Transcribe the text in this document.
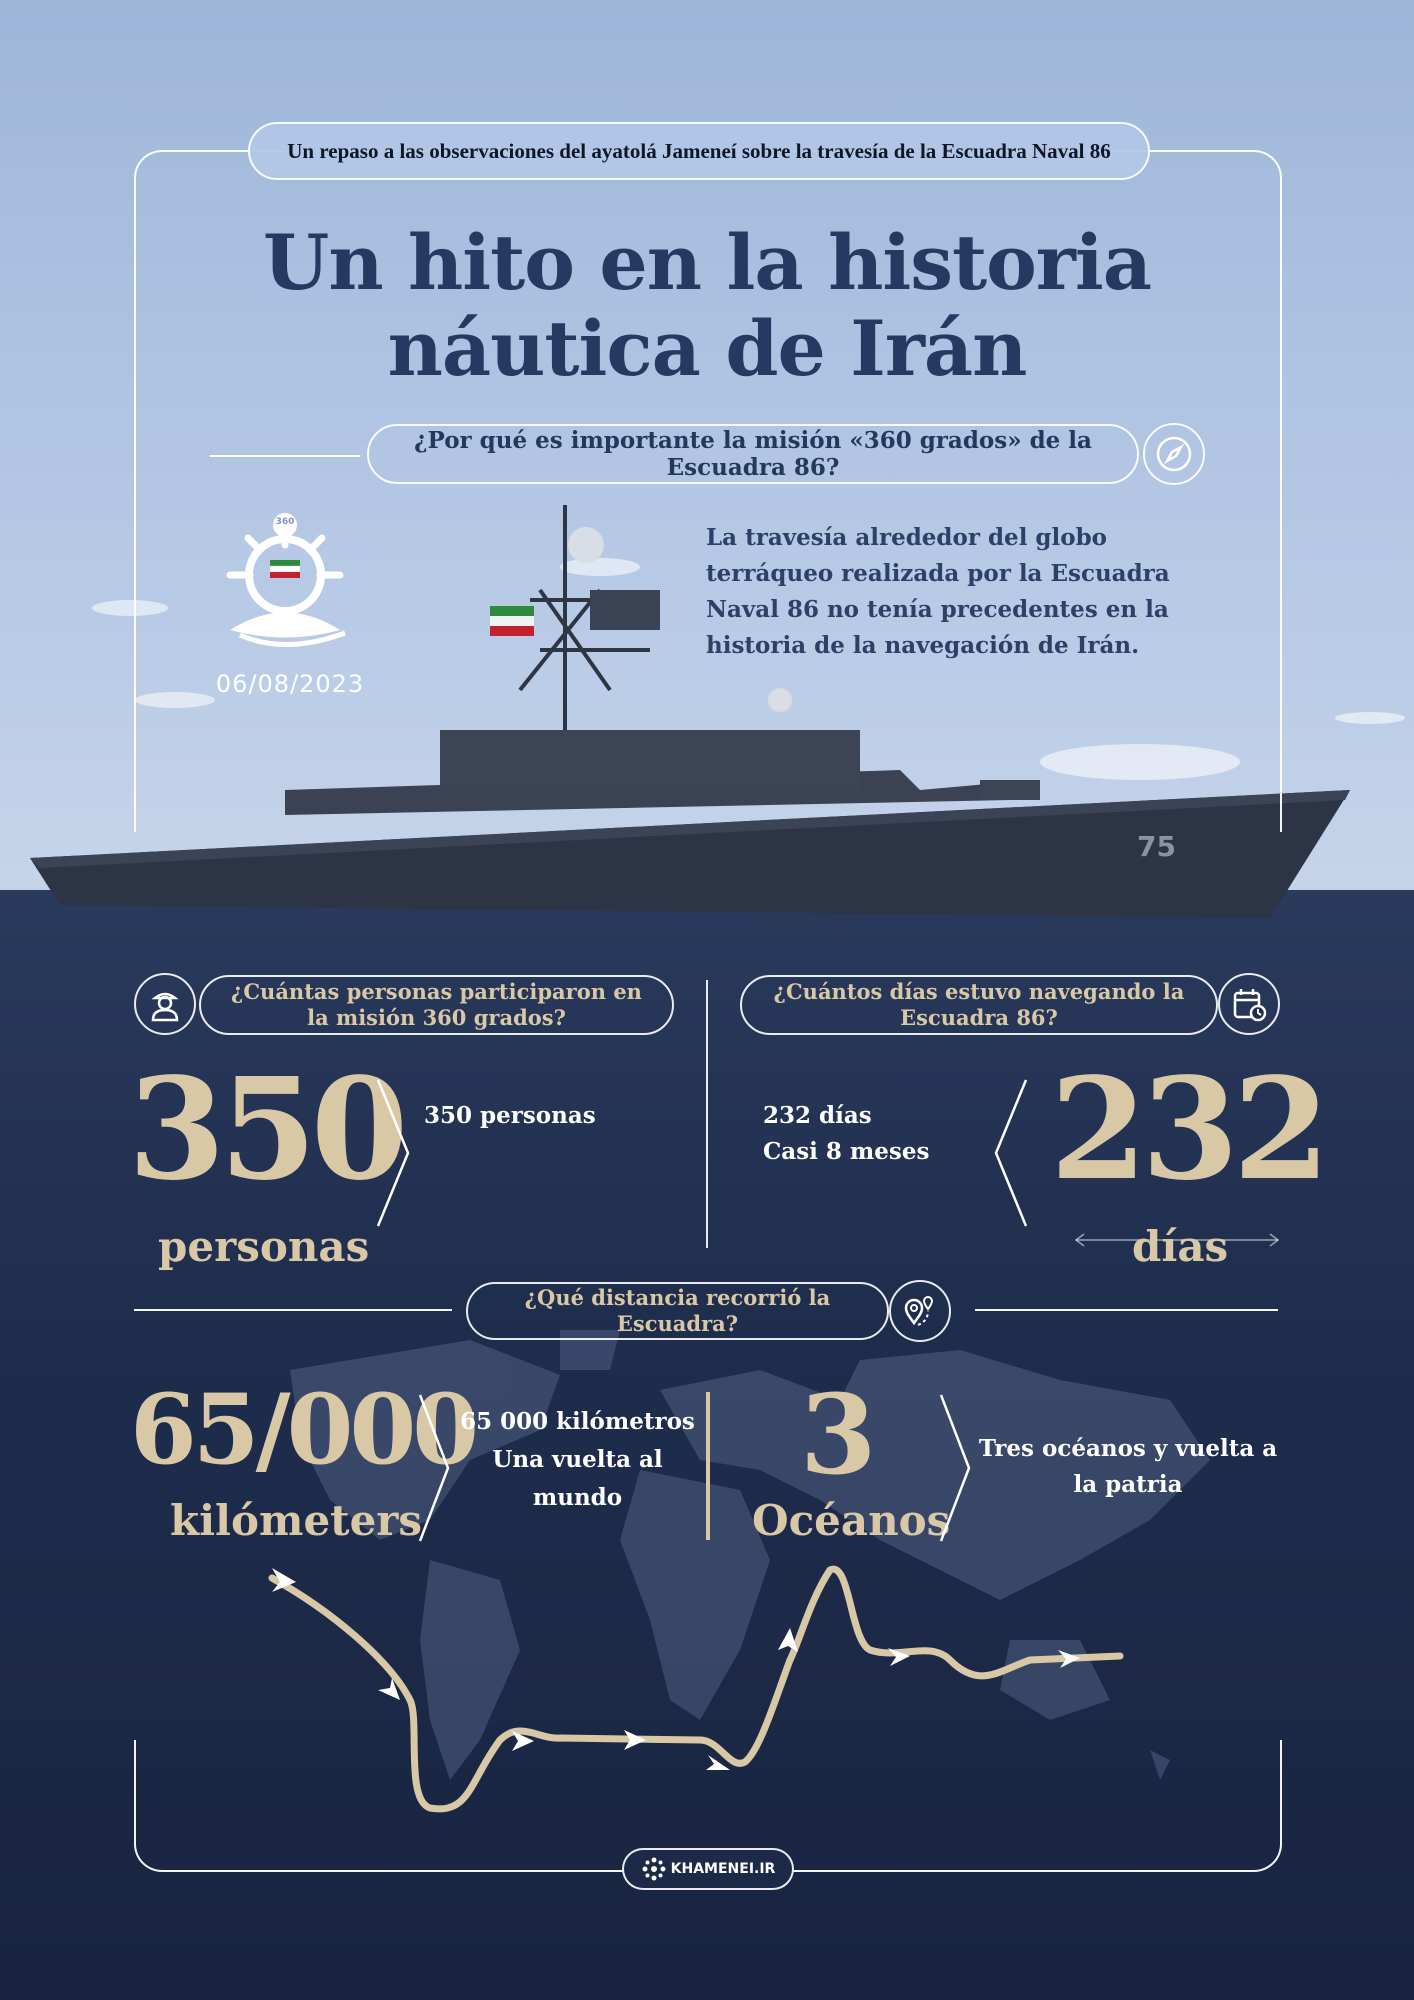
75
Un repaso a las observaciones del ayatolá Jameneí sobre la travesía de la Escuadra Naval 86
Un hito en la historia
náutica de Irán
¿Por qué es importante la misión «360 grados» de la Escuadra 86?
360
06/08/2023
La travesía alrededor del globo terráqueo realizada por la Escuadra Naval 86 no tenía precedentes en la historia de la navegación de Irán.
¿Cuántas personas participaron en la misión 360 grados?
350 350 personas
personas
¿Cuántos días estuvo navegando la Escuadra 86?
232 días
Casi 8 meses 232
días
¿Qué distancia recorrió la Escuadra?
65/000
kilómeters
65 000 kilómetros
Una vuelta al
mundo	3
Océanos
Tres océanos y vuelta a
la patria
KHAMENEI.IR
